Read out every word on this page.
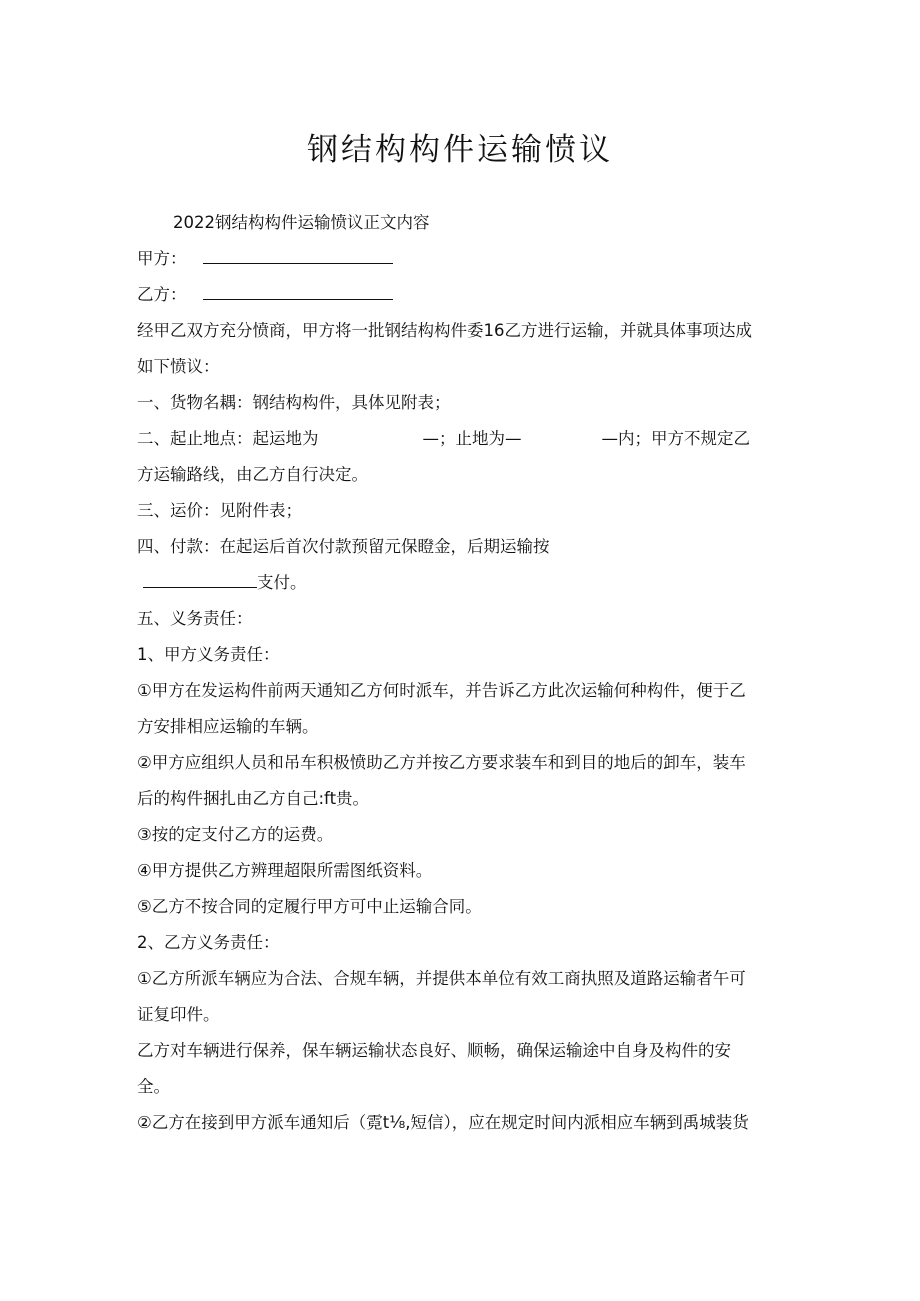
钢结构构件运输愤议
2022钢结构构件运输愤议正文内容
甲方：
乙方：
经甲乙双方充分愤商，甲方将一批钢结构构件委16乙方进行运输，并就具体事项达成
如下愤议：
一、货物名耦：钢结构构件，具体见附表；
二、起止地点：起运地为	—；止地为—	—内；甲方不规定乙
方运输路线，由乙方自行决定。
三、运价：见附件表；
四、付款：在起运后首次付款预留元保瞪金，后期运输按
支付。
五、义务责任：
1、甲方义务责任：
①甲方在发运构件前两天通知乙方何时派车，并告诉乙方此次运输何种构件，便于乙
方安排相应运输的车辆。
②甲方应组织人员和吊车积极愤助乙方并按乙方要求装车和到目的地后的卸车，装车
后的构件捆扎由乙方自己:ft贵。
③按的定支付乙方的运费。
④甲方提供乙方辨理超限所需图纸资料。
⑤乙方不按合同的定履行甲方可中止运输合同。
2、乙方义务责任：
①乙方所派车辆应为合法、合规车辆，并提供本单位有效工商执照及道路运输者午可
证复印件。
乙方对车辆进行保养，保车辆运输状态良好、顺畅，确保运输途中自身及构件的安
全。
②乙方在接到甲方派车通知后（霓t⅛,短信），应在规定时间内派相应车辆到禹城装货
